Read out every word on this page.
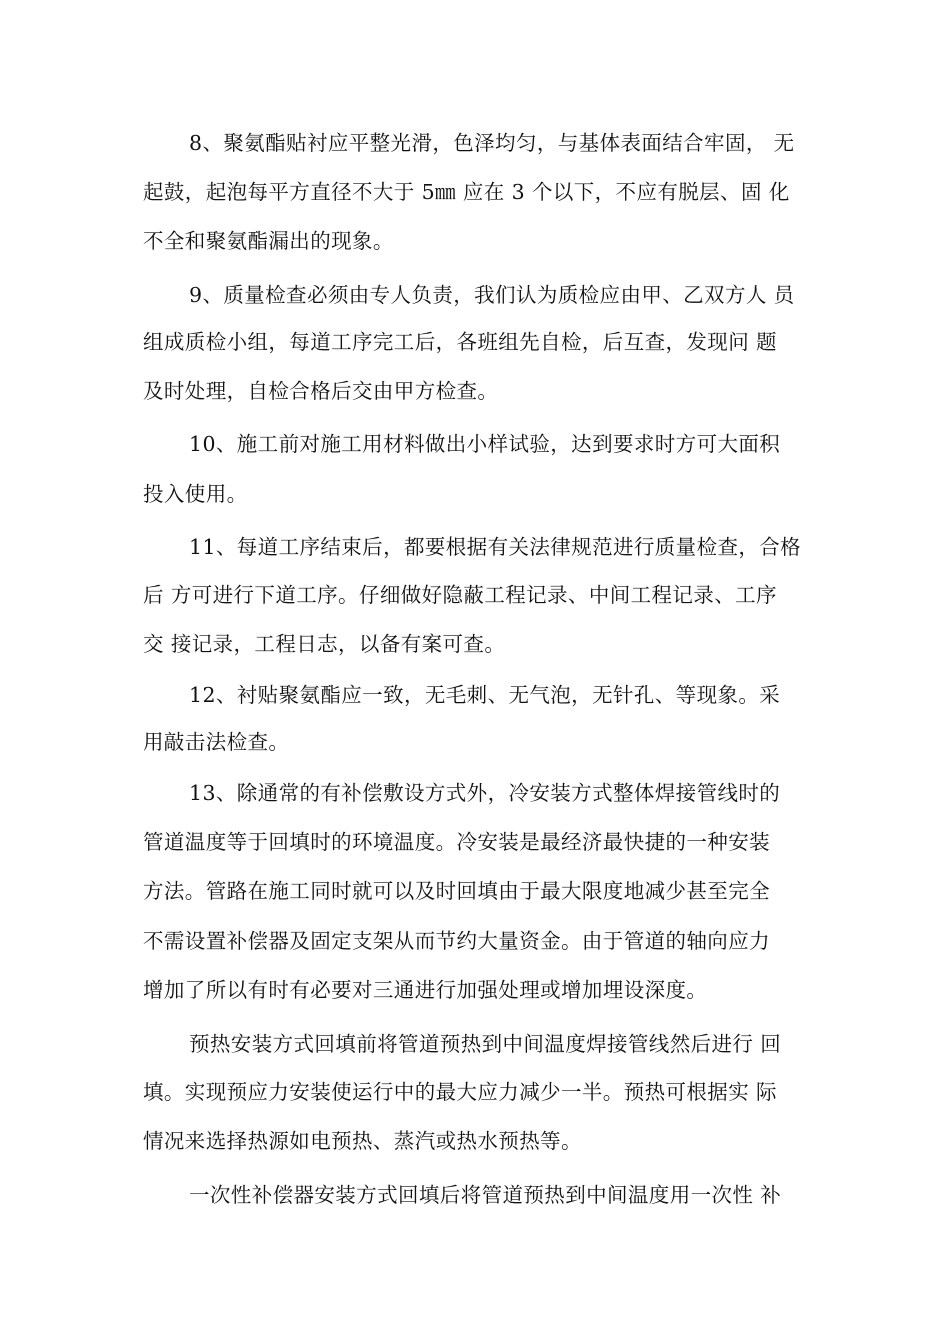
8、聚氨酯贴衬应平整光滑，色泽均匀，与基体表面结合牢固， 无
起鼓，起泡每平方直径不大于 5㎜ 应在 3 个以下，不应有脱层、固 化
不全和聚氨酯漏出的现象。
9、质量检查必须由专人负责，我们认为质检应由甲、乙双方人 员
组成质检小组，每道工序完工后，各班组先自检，后互查，发现问 题
及时处理，自检合格后交由甲方检查。
10、施工前对施工用材料做出小样试验，达到要求时方可大面积
投入使用。
11、每道工序结束后，都要根据有关法律规范进行质量检查，合格
后 方可进行下道工序。仔细做好隐蔽工程记录、中间工程记录、工序
交 接记录，工程日志，以备有案可查。
12、衬贴聚氨酯应一致，无毛刺、无气泡，无针孔、等现象。采
用敲击法检查。
13、除通常的有补偿敷设方式外，冷安装方式整体焊接管线时的
管道温度等于回填时的环境温度。冷安装是最经济最快捷的一种安装
方法。管路在施工同时就可以及时回填由于最大限度地减少甚至完全
不需设置补偿器及固定支架从而节约大量资金。由于管道的轴向应力
增加了所以有时有必要对三通进行加强处理或增加埋设深度。
预热安装方式回填前将管道预热到中间温度焊接管线然后进行 回
填。实现预应力安装使运行中的最大应力减少一半。预热可根据实 际
情况来选择热源如电预热、蒸汽或热水预热等。
一次性补偿器安装方式回填后将管道预热到中间温度用一次性 补
